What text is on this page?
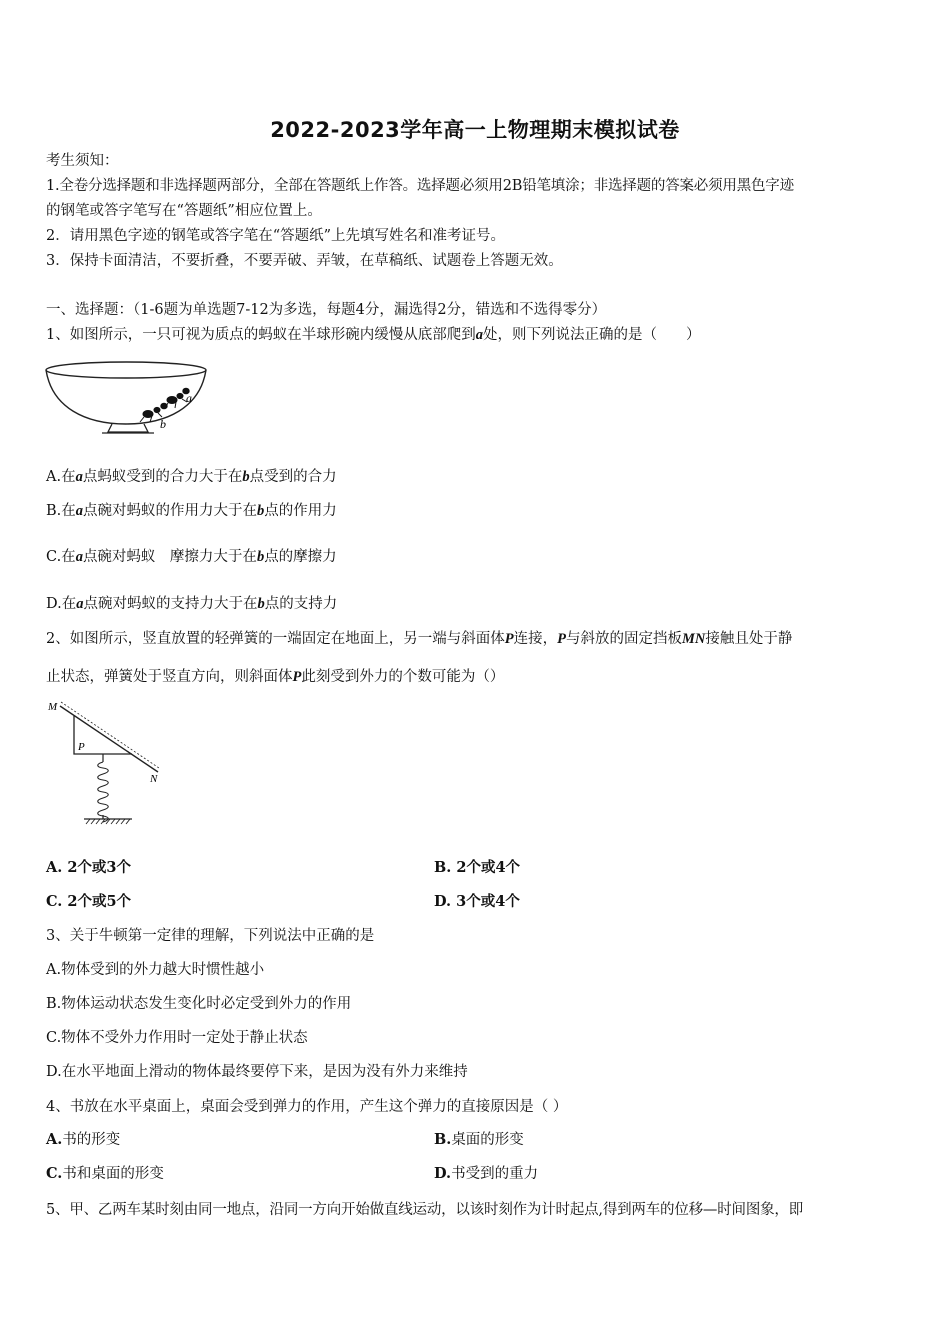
2022-2023学年高一上物理期末模拟试卷
考生须知：
1.全卷分选择题和非选择题两部分，全部在答题纸上作答。选择题必须用2B铅笔填涂；非选择题的答案必须用黑色字迹
的钢笔或答字笔写在“答题纸”相应位置上。
2．请用黑色字迹的钢笔或答字笔在“答题纸”上先填写姓名和准考证号。
3．保持卡面清洁，不要折叠，不要弄破、弄皱，在草稿纸、试题卷上答题无效。
一、选择题：（1-6题为单选题7-12为多选，每题4分，漏选得2分，错选和不选得零分）
1、如图所示，一只可视为质点的蚂蚁在半球形碗内缓慢从底部爬到a处，则下列说法正确的是（　　）
a
b
A.在a点蚂蚁受到的合力大于在b点受到的合力
B.在a点碗对蚂蚁的作用力大于在b点的作用力
C.在a点碗对蚂蚁　摩擦力大于在b点的摩擦力
D.在a点碗对蚂蚁的支持力大于在b点的支持力
2、如图所示，竖直放置的轻弹簧的一端固定在地面上，另一端与斜面体P连接，P与斜放的固定挡板MN接触且处于静
止状态，弹簧处于竖直方向，则斜面体P此刻受到外力的个数可能为（）
M
P
N
A. 2个或3个	B. 2个或4个
C. 2个或5个	D. 3个或4个
3、关于牛顿第一定律的理解，下列说法中正确的是
A.物体受到的外力越大时惯性越小
B.物体运动状态发生变化时必定受到外力的作用
C.物体不受外力作用时一定处于静止状态
D.在水平地面上滑动的物体最终要停下来，是因为没有外力来维持
4、书放在水平桌面上，桌面会受到弹力的作用，产生这个弹力的直接原因是（ ）
A.书的形变	B.桌面的形变
C.书和桌面的形变	D.书受到的重力
5、甲、乙两车某时刻由同一地点，沿同一方向开始做直线运动，以该时刻作为计时起点,得到两车的位移—时间图象，即
